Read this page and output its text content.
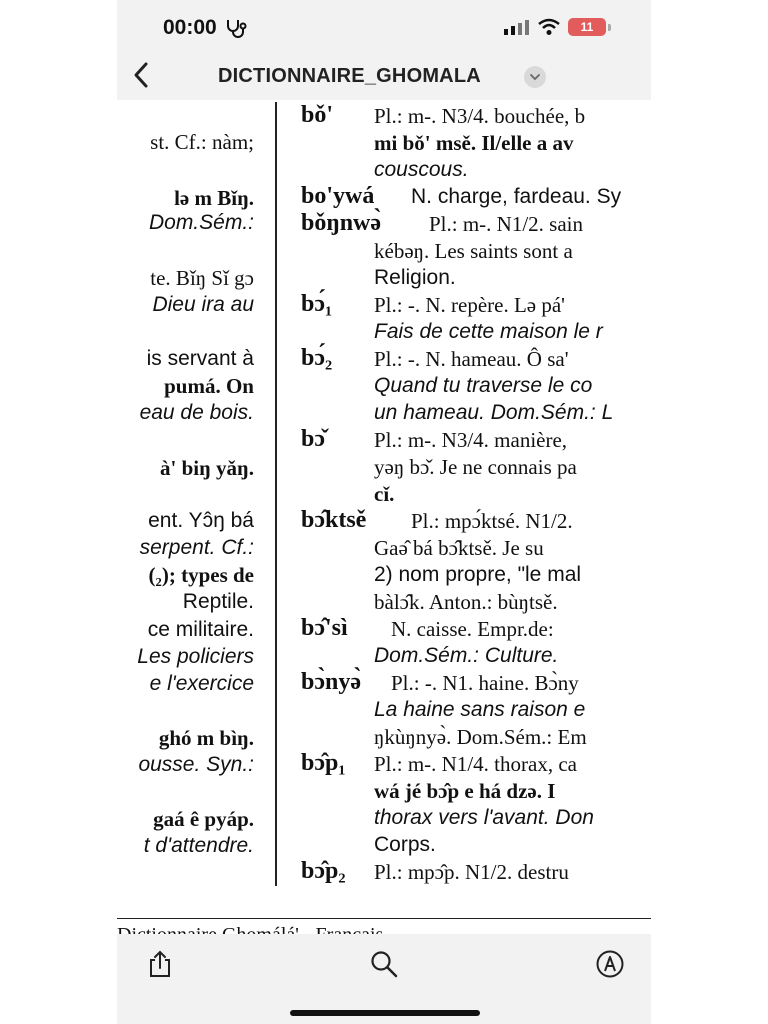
00:00	11
DICTIONNAIRE_GHOMALA
st. Cf.: nàm;
lə m Bǐŋ.
Dom.Sém.:
te. Bǐŋ Sǐ gɔ
Dieu ira au
is servant à
pumá. On
eau de bois.
à' biŋ yǎŋ.
ent. Yɔ̂ŋ bá
serpent. Cf.:
(₂); types de
Reptile.
ce militaire.
Les policiers
e l'exercice
ghó m bìŋ.
ousse. Syn.:
gaá ê pyáp.
t d'attendre.
bǒ' Pl.: m-. N3/4. bouchée, b
mi bǒ' msě. Il/elle a av
couscous.
bo'ywá N. charge, fardeau. Sy
bǒŋnwə̀ Pl.: m-. N1/2. sain
kébəŋ. Les saints sont a
Religion.
bɔ́₁ Pl.: -. N. repère. Lə pá'
Fais de cette maison le r
bɔ́₂ Pl.: -. N. hameau. Ô sa'
Quand tu traverse le co
un hameau. Dom.Sém.: L
bɔ̌ Pl.: m-. N3/4. manière,
yəŋ bɔ̌. Je ne connais pa
cǐ.
bɔ̂ktsě Pl.: mpɔ́ktsé. N1/2.
Gaə̂ bá bɔ̂ktsě. Je su
2) nom propre, "le mal
bàlɔ̂k. Anton.: bùŋtsě.
bɔ̂'sì N. caisse. Empr.de:
Dom.Sém.: Culture.
bɔ̀nyə̀ Pl.: -. N1. haine. Bɔ̀ny
La haine sans raison e
ŋkùŋnyə̀. Dom.Sém.: Em
bɔ̂p₁ Pl.: m-. N1/4. thorax, ca
wá jé bɔ̂p e há dzə. I
thorax vers l'avant. Don
Corps.
bɔ̂p₂ Pl.: mpɔ̂p. N1/2. destru
